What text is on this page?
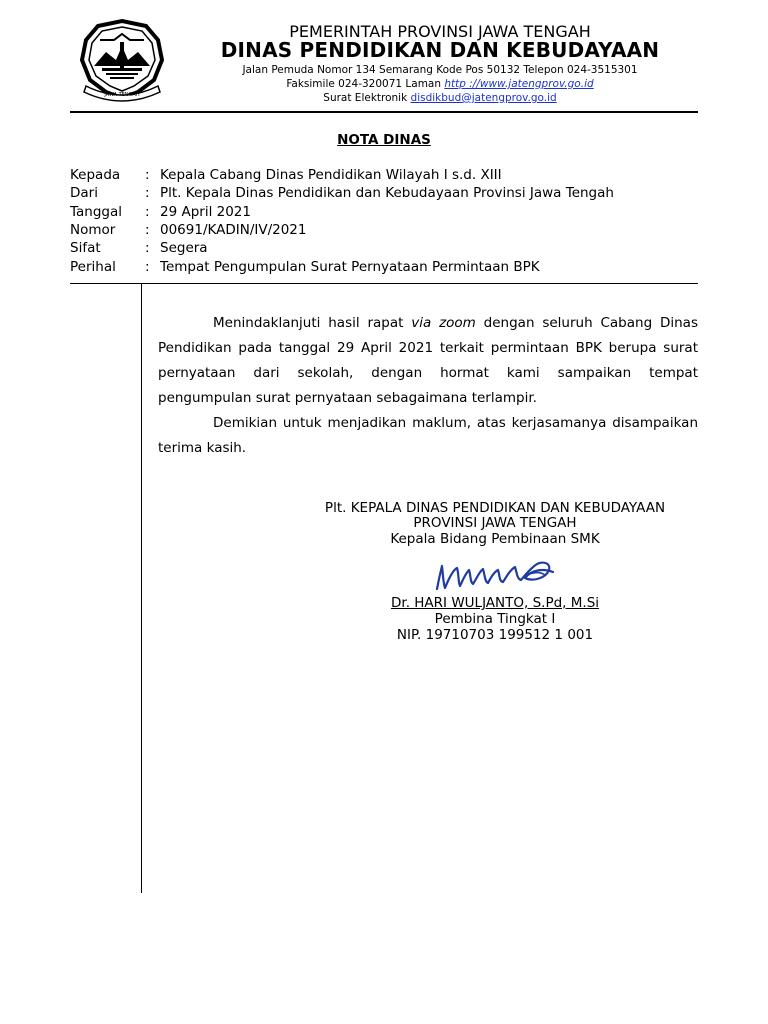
JAWA TENGAH
PEMERINTAH PROVINSI JAWA TENGAH
DINAS PENDIDIKAN DAN KEBUDAYAAN
Jalan Pemuda Nomor 134 Semarang Kode Pos 50132 Telepon 024-3515301
Faksimile 024-320071 Laman http ://www.jatengprov.go.id
Surat Elektronik disdikbud@jatengprov.go.id
NOTA DINAS
Kepada : Kepala Cabang Dinas Pendidikan Wilayah I s.d. XIII
Dari	: Plt. Kepala Dinas Pendidikan dan Kebudayaan Provinsi Jawa Tengah
Tanggal : 29 April 2021
Nomor : 00691/KADIN/IV/2021
Sifat	: Segera
Perihal : Tempat Pengumpulan Surat Pernyataan Permintaan BPK
Menindaklanjuti hasil rapat via zoom dengan seluruh Cabang Dinas Pendidikan pada tanggal 29 April 2021 terkait permintaan BPK berupa surat pernyataan dari sekolah, dengan hormat kami sampaikan tempat pengumpulan surat pernyataan sebagaimana terlampir.
Demikian untuk menjadikan maklum, atas kerjasamanya disampaikan terima kasih.
Plt. KEPALA DINAS PENDIDIKAN DAN KEBUDAYAAN
PROVINSI JAWA TENGAH
Kepala Bidang Pembinaan SMK
Dr. HARI WULJANTO, S.Pd, M.Si
Pembina Tingkat I
NIP. 19710703 199512 1 001
